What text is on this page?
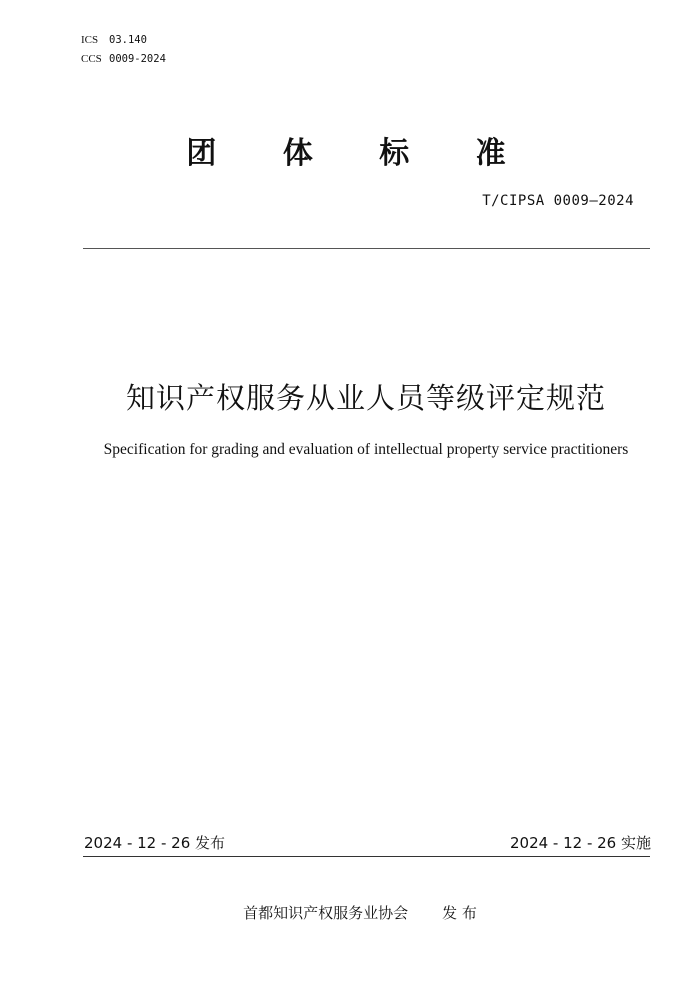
ICS 03.140
CCS 0009-2024
团 体 标 准
T/CIPSA 0009—2024
知识产权服务从业人员等级评定规范
Specification for grading and evaluation of intellectual property service practitioners
2024 - 12 - 26 发布	2024 - 12 - 26 实施
首都知识产权服务业协会 发 布
